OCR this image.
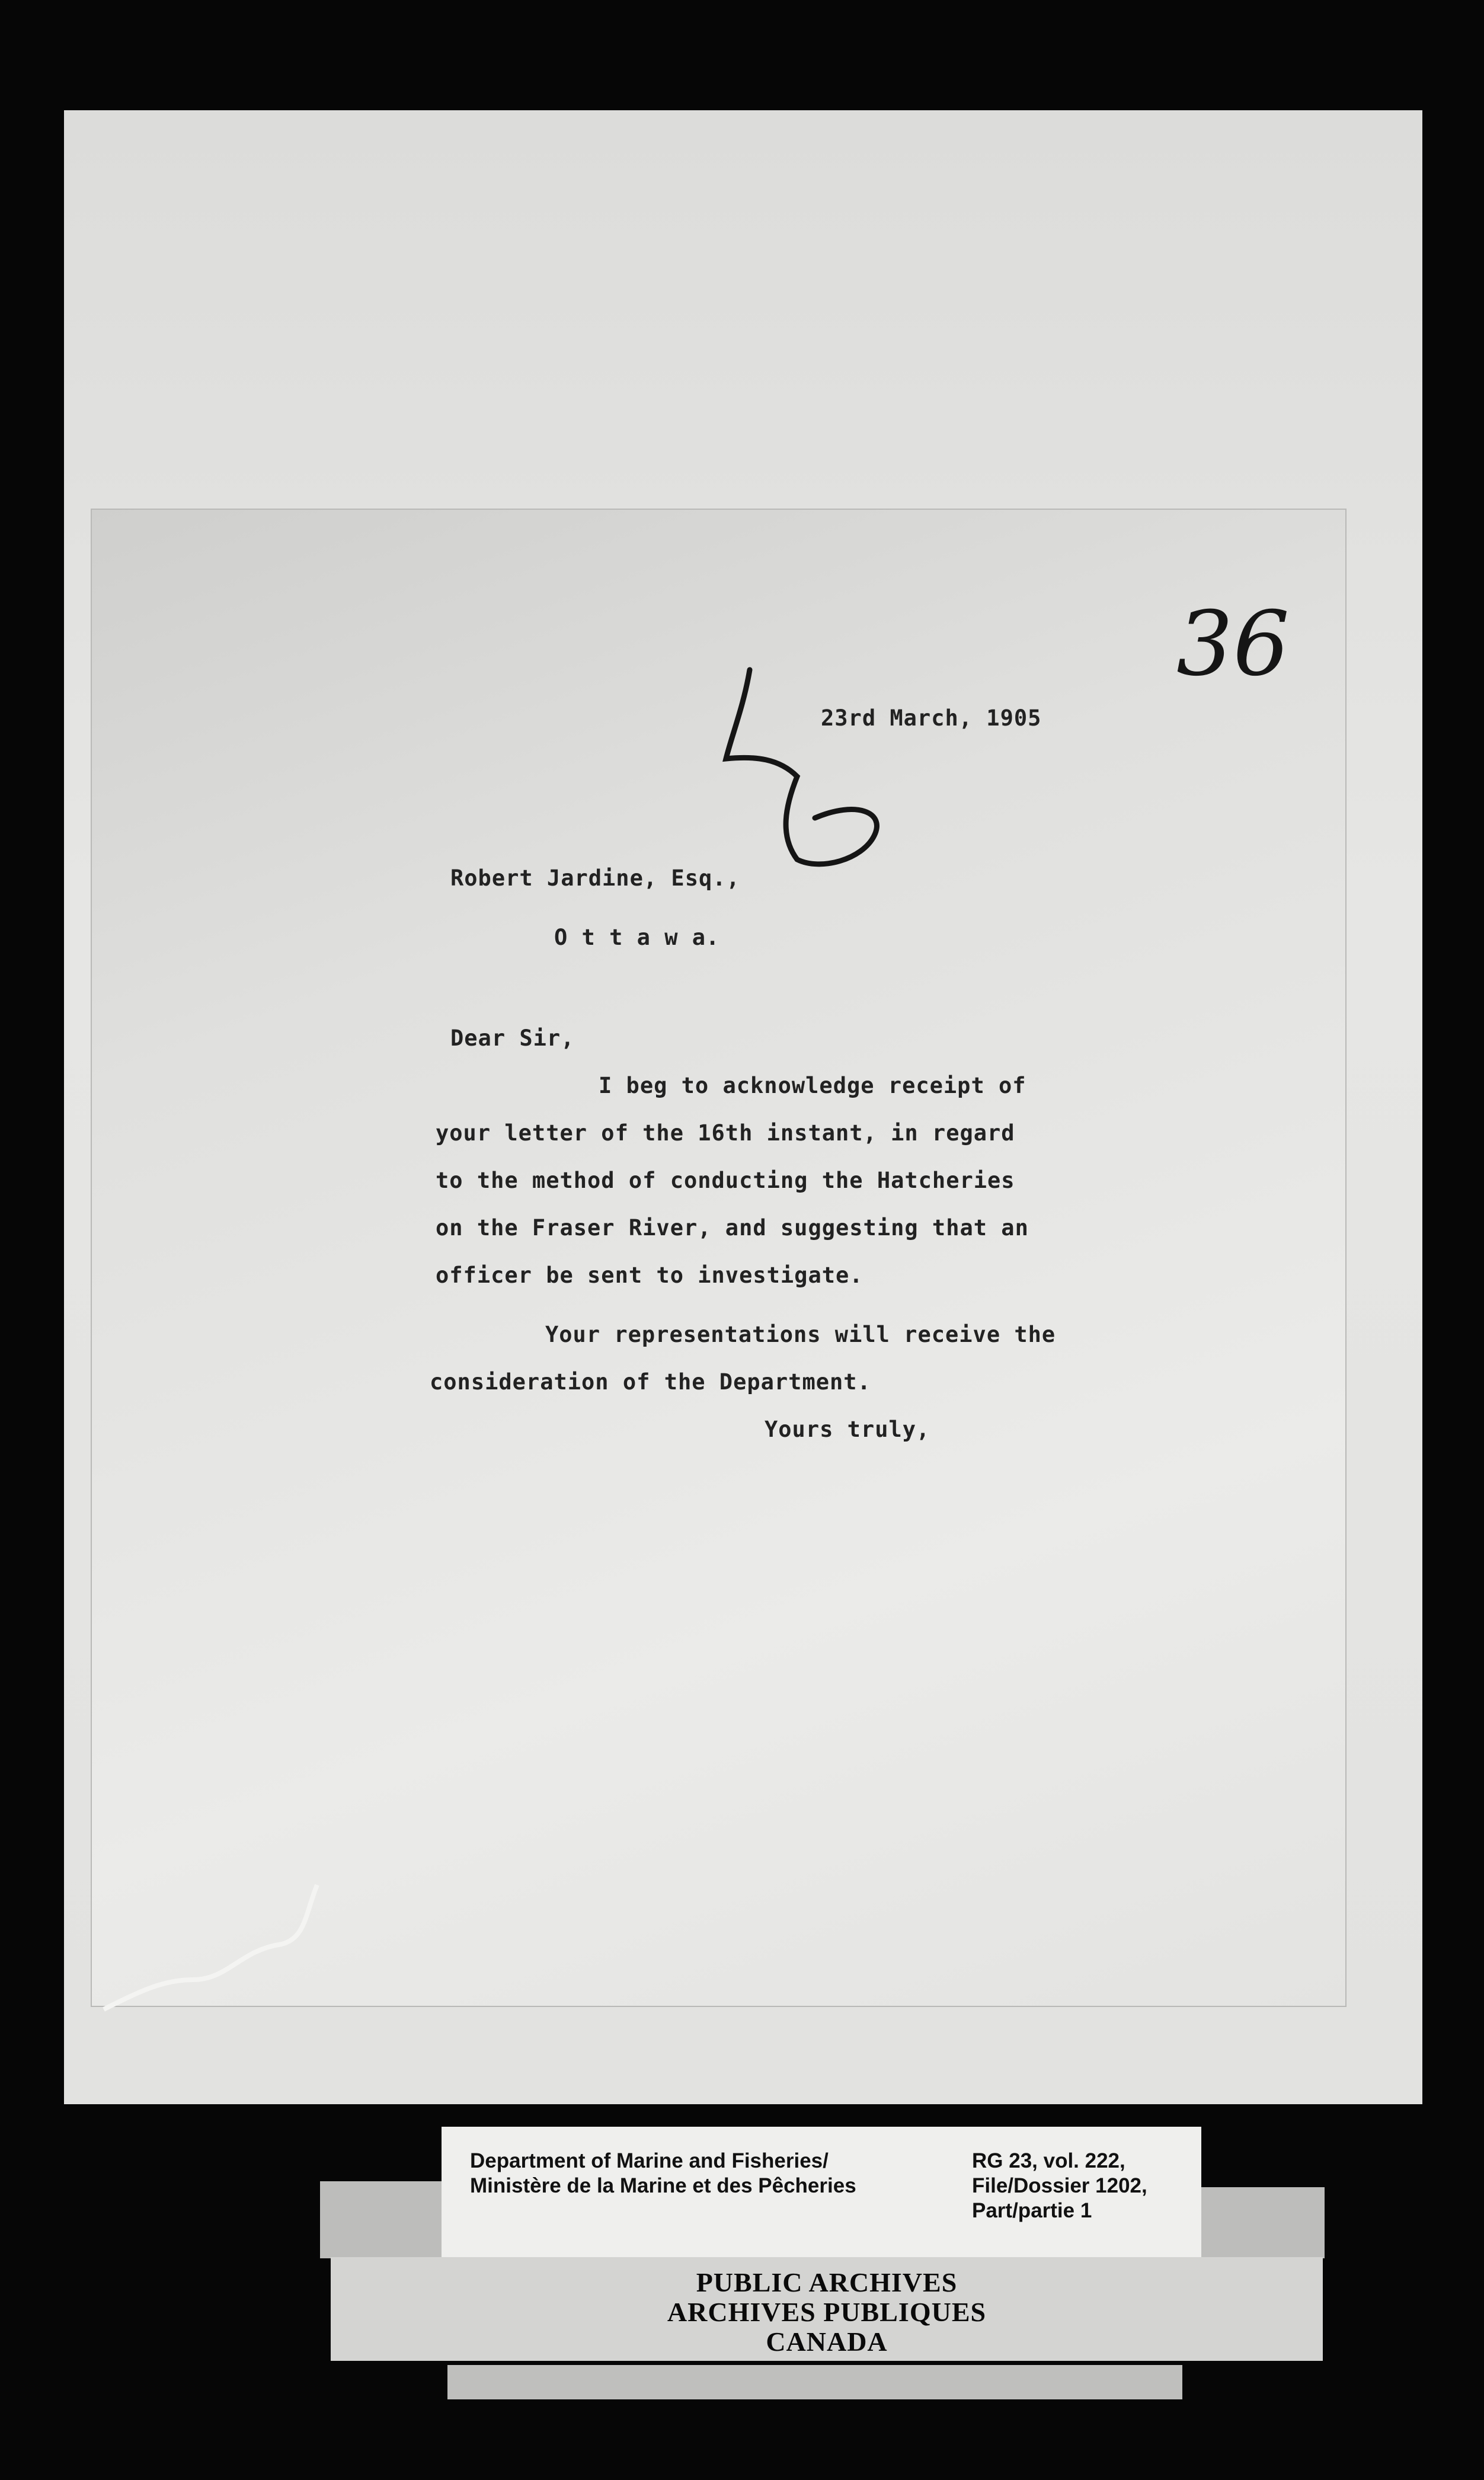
36
23rd March, 1905
Robert Jardine, Esq.,
O t t a w a.
Dear Sir,
I beg to acknowledge receipt of
your letter of the 16th instant, in regard
to the method of conducting the Hatcheries
on the Fraser River, and suggesting that an
officer be sent to investigate.
Your representations will receive the
consideration of the Department.
Yours truly,
Department of Marine and Fisheries/
Ministère de la Marine et des Pêcheries
RG 23, vol. 222,
File/Dossier 1202,
Part/partie 1
PUBLIC ARCHIVES
ARCHIVES PUBLIQUES
CANADA
